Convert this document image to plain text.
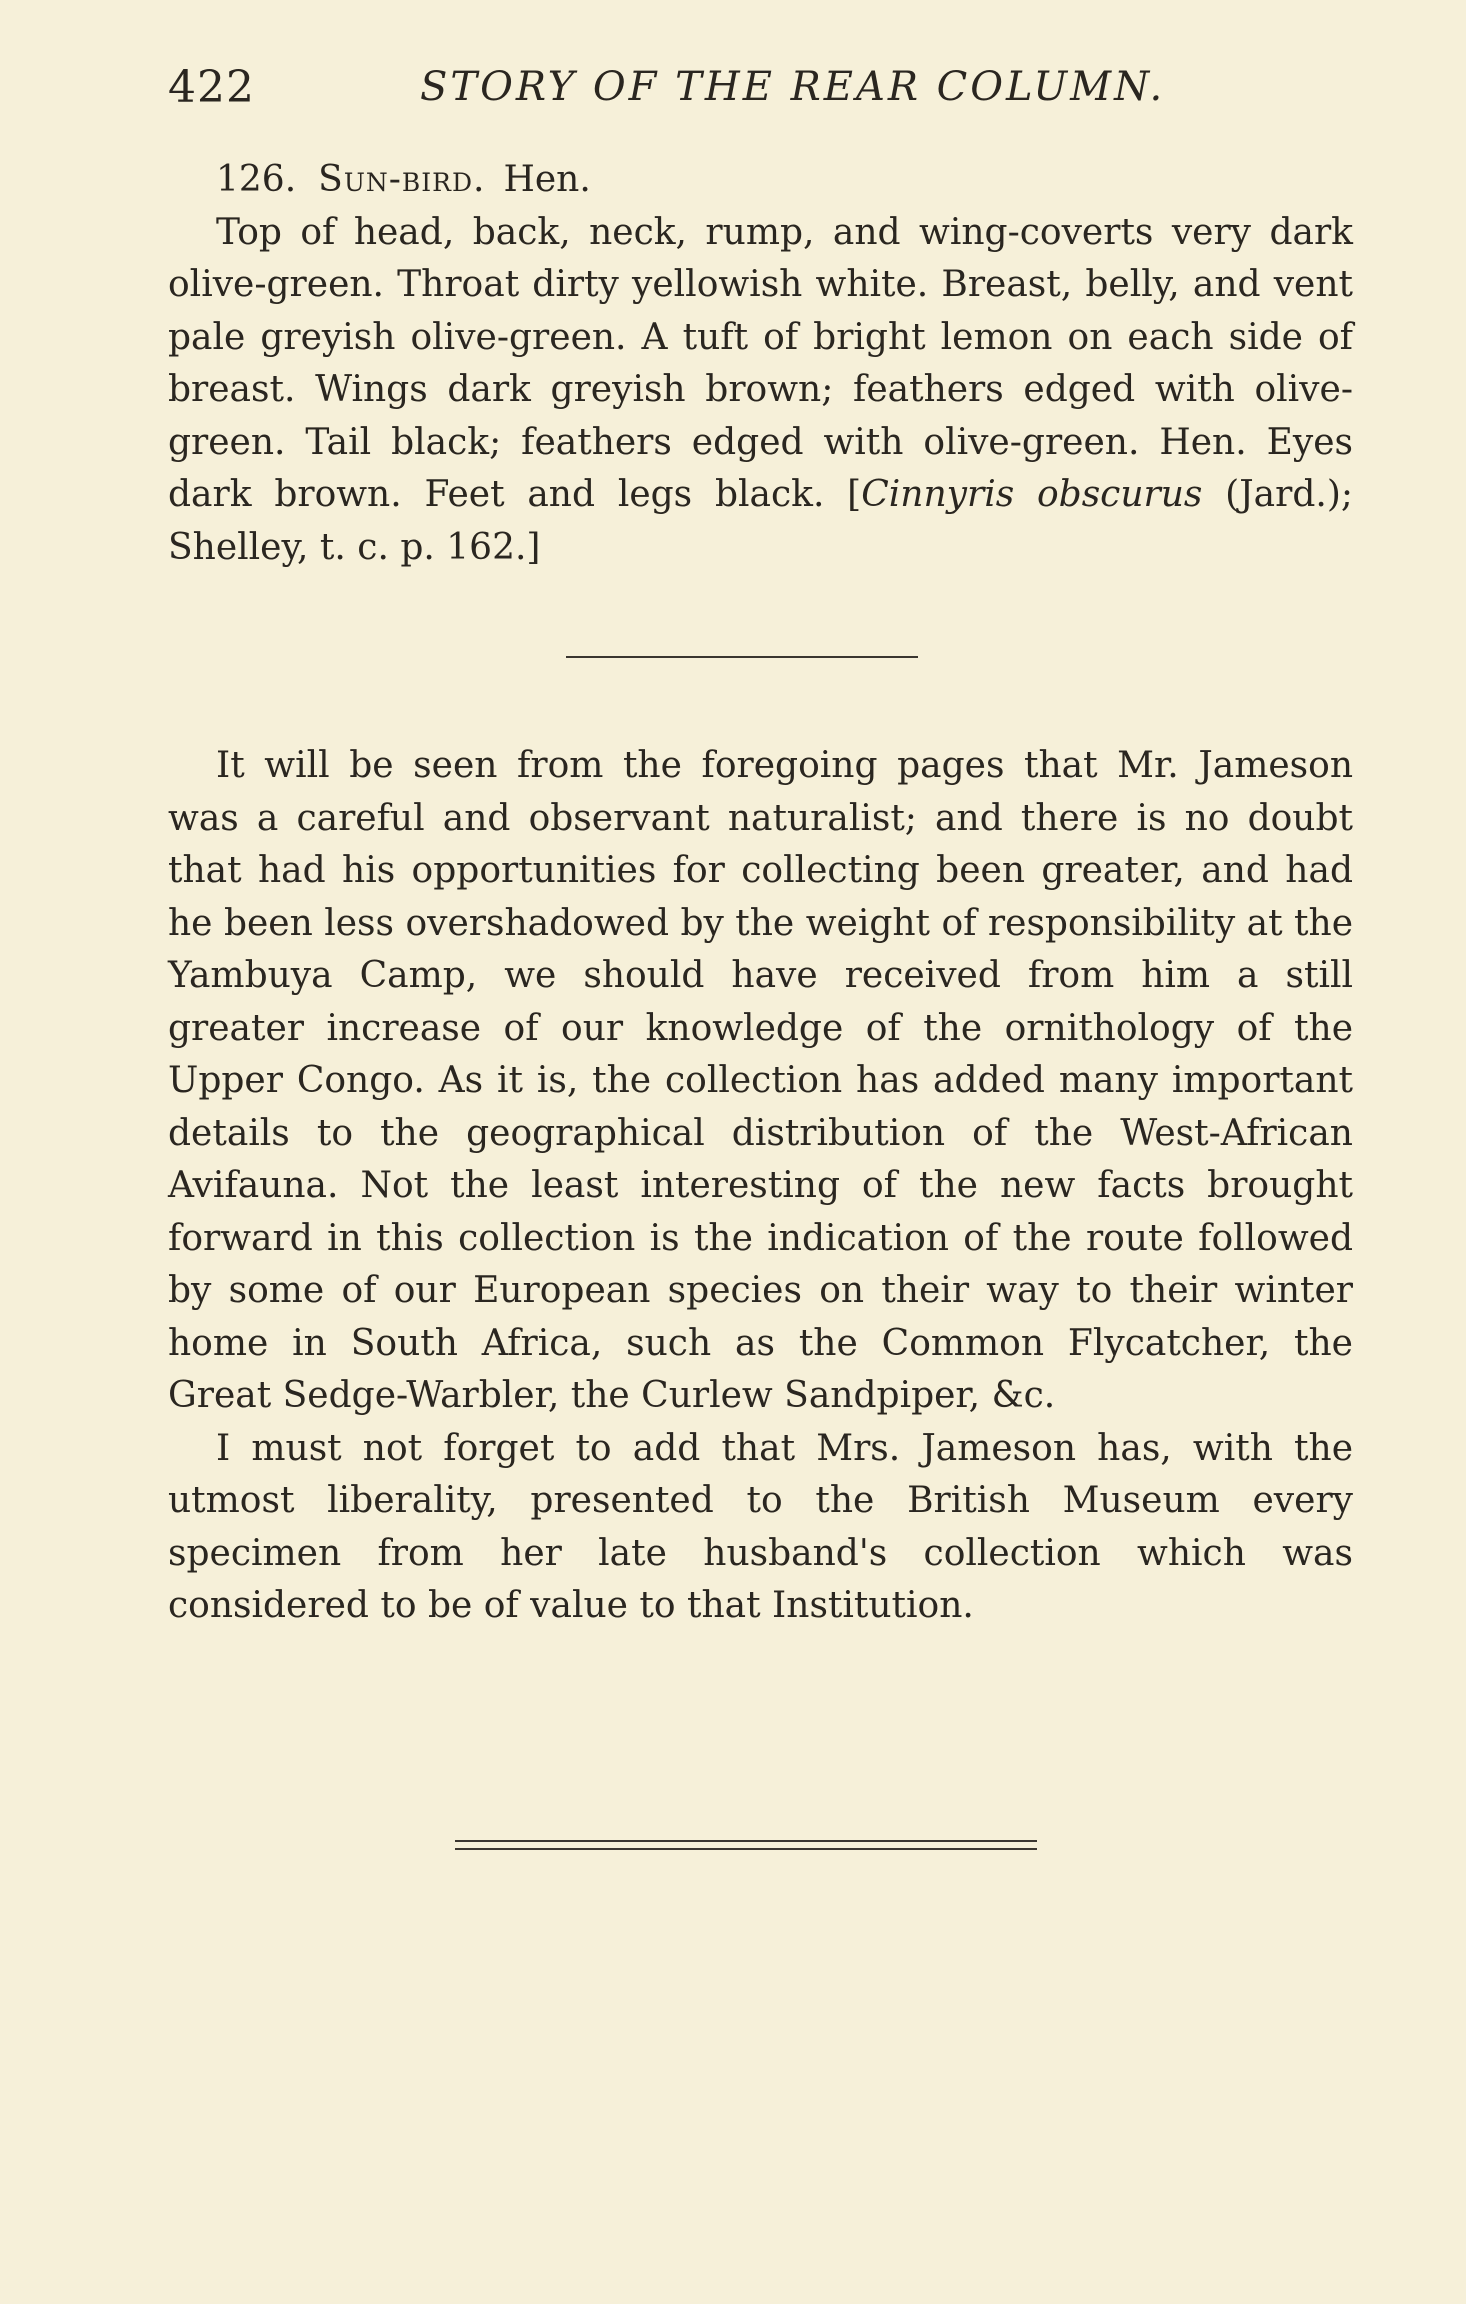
422	STORY OF THE REAR COLUMN.
126. Sun-bird. Hen.

Top of head, back, neck, rump, and wing-coverts very dark olive-green. Throat dirty yellowish white. Breast, belly, and vent pale greyish olive-green. A tuft of bright lemon on each side of breast. Wings dark greyish brown; feathers edged with olive-green. Tail black; feathers edged with olive-green. Hen. Eyes dark brown. Feet and legs black. [Cinnyris obscurus (Jard.); Shelley, t. c. p. 162.]

It will be seen from the foregoing pages that Mr. Jameson was a careful and observant naturalist; and there is no doubt that had his opportunities for collecting been greater, and had he been less overshadowed by the weight of responsibility at the Yambuya Camp, we should have received from him a still greater increase of our knowledge of the ornithology of the Upper Congo. As it is, the collection has added many important details to the geographical distribution of the West-African Avifauna. Not the least interesting of the new facts brought forward in this collection is the indication of the route followed by some of our European species on their way to their winter home in South Africa, such as the Common Flycatcher, the Great Sedge-Warbler, the Curlew Sandpiper, &c.

I must not forget to add that Mrs. Jameson has, with the utmost liberality, presented to the British Museum every specimen from her late husband's collection which was considered to be of value to that Institution.
